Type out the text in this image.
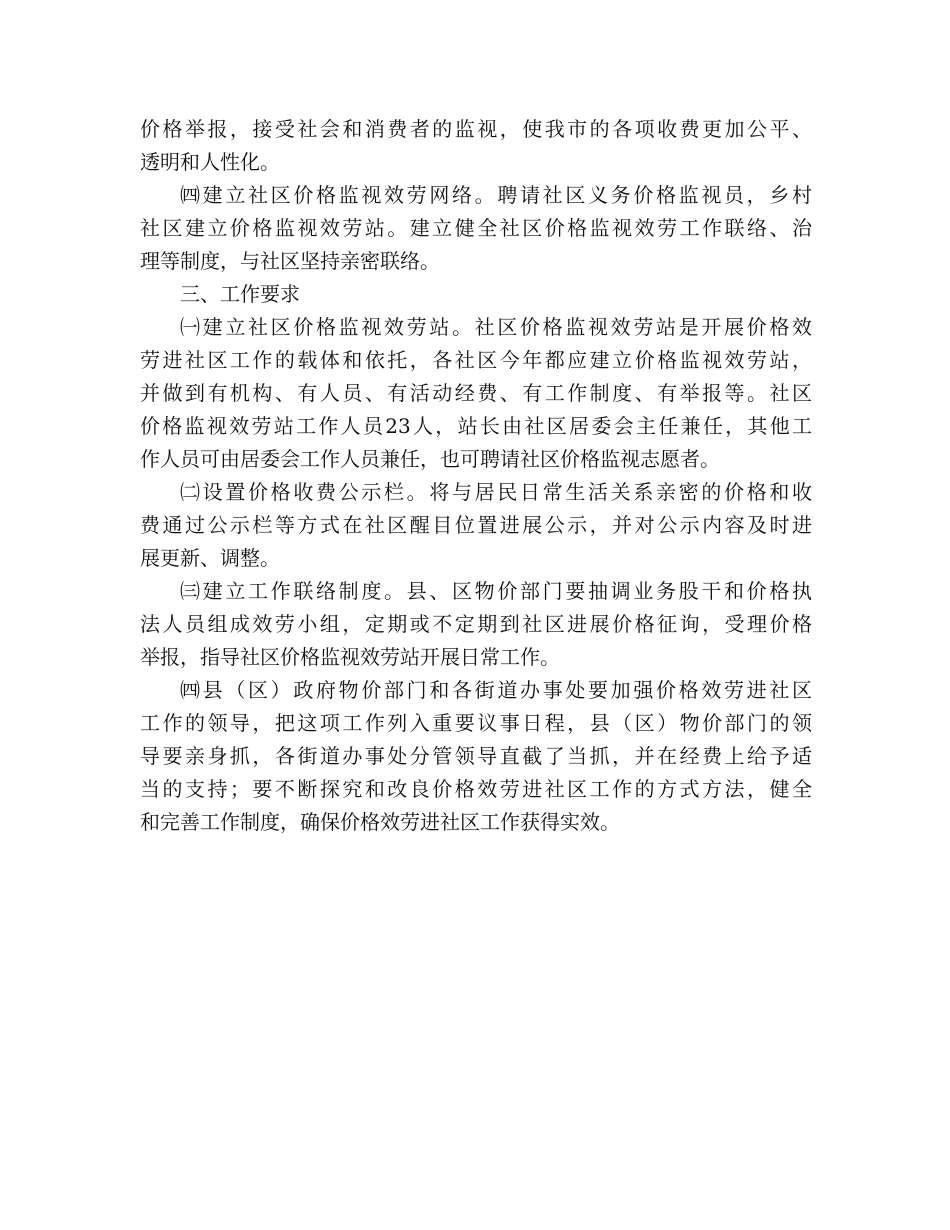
价格举报，接受社会和消费者的监视，使我市的各项收费更加公平、
透明和人性化。
㈣建立社区价格监视效劳网络。聘请社区义务价格监视员，乡村
社区建立价格监视效劳站。建立健全社区价格监视效劳工作联络、治
理等制度，与社区坚持亲密联络。
三、工作要求
㈠建立社区价格监视效劳站。社区价格监视效劳站是开展价格效
劳进社区工作的载体和依托，各社区今年都应建立价格监视效劳站，
并做到有机构、有人员、有活动经费、有工作制度、有举报等。社区
价格监视效劳站工作人员23人，站长由社区居委会主任兼任，其他工
作人员可由居委会工作人员兼任，也可聘请社区价格监视志愿者。
㈡设置价格收费公示栏。将与居民日常生活关系亲密的价格和收
费通过公示栏等方式在社区醒目位置进展公示，并对公示内容及时进
展更新、调整。
㈢建立工作联络制度。县、区物价部门要抽调业务股干和价格执
法人员组成效劳小组，定期或不定期到社区进展价格征询，受理价格
举报，指导社区价格监视效劳站开展日常工作。
㈣县（区）政府物价部门和各街道办事处要加强价格效劳进社区
工作的领导，把这项工作列入重要议事日程，县（区）物价部门的领
导要亲身抓，各街道办事处分管领导直截了当抓，并在经费上给予适
当的支持；要不断探究和改良价格效劳进社区工作的方式方法，健全
和完善工作制度，确保价格效劳进社区工作获得实效。
